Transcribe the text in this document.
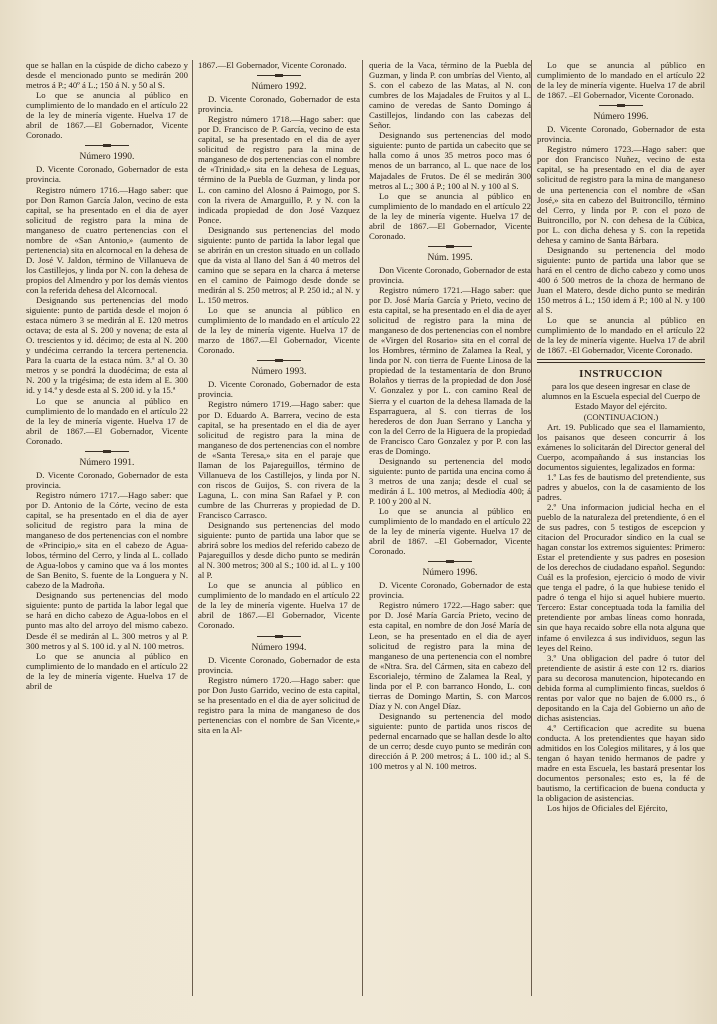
que se hallan en la cúspide de dicho cabezo y desde el mencionado punto se medirán 200 metros á P.; 40º á L.; 150 á N. y 50 al S.
Lo que se anuncia al público en cumplimiento de lo mandado en el artículo 22 de la ley de minería vigente. Huelva 17 de abril de 1867.—El Gobernador, Vicente Coronado.
Número 1990.
D. Vicente Coronado, Gobernador de esta provincia.
Registro número 1716.—Hago saber: que por Don Ramon García Jalon, vecino de esta capital, se ha presentado en el dia de ayer solicitud de registro para la mina de manganeso de cuatro pertenencias con el nombre de «San Antonio,» (aumento de pertenencia) sita en alcornocal en la dehesa de D. José V. Jaldon, término de Villanueva de los Castillejos, y linda por N. con la dehesa de propios del Almendro y por los demás vientos con la referida dehesa del Alcornocal.
Designando sus pertenencias del modo siguiente: punto de partida desde el mojon ó estaca número 3 se medirán al E. 120 metros octava; de esta al S. 200 y novena; de esta al O. trescientos y id. décimo; de esta al N. 200 y undécima cerrando la tercera pertenencia. Para la cuarta de la estaca núm. 3.ª al O. 30 metros y se pondrá la duodécima; de esta al N. 200 y la trigésima; de esta idem al E. 300 id. y 14.ª y desde esta al S. 200 id. y la 15.ª
Lo que se anuncia al público en cumplimiento de lo mandado en el artículo 22 de la ley de minería vigente. Huelva 17 de abril de 1867.—El Gobernador, Vicente Coronado.
Número 1991.
D. Vicente Coronado, Gobernador de esta provincia.
Registro número 1717.—Hago saber: que por D. Antonio de la Córte, vecino de esta capital, se ha presentado en el dia de ayer solicitud de registro para la mina de manganeso de dos pertenencias con el nombre de «Principio,» sita en el cabezo de Agua-lobos, término del Cerro, y linda al L. collado de Agua-lobos y camino que va á los montes de San Benito, S. fuente de la Longuera y N. cabezo de la Madroña.
Designando sus pertenencias del modo siguiente: punto de partida la labor legal que se hará en dicho cabezo de Agua-lobos en el punto mas alto del arroyo del mismo cabezo. Desde él se medirán al L. 300 metros y al P. 300 metros y al S. 100 id. y al N. 100 metros.
Lo que se anuncia al público en cumplimiento de lo mandado en el artículo 22 de la ley de minería vigente. Huelva 17 de abril de
1867.—El Gobernador, Vicente Coronado.
Número 1992.
D. Vicente Coronado, Gobernador de esta provincia.
Registro número 1718.—Hago saber: que por D. Francisco de P. García, vecino de esta capital, se ha presentado en el dia de ayer solicitud de registro para la mina de manganeso de dos pertenencias con el nombre de «Trinidad,» sita en la dehesa de Leguas, término de la Puebla de Guzman, y linda por L. con camino del Alosno á Paimogo, por S. con la rivera de Amarguillo, P. y N. con la indicada propiedad de don José Vazquez Ponce.
Designando sus pertenencias del modo siguiente: punto de partida la labor legal que se abrirán en un creston situado en un collado que da vista al llano del San á 40 metros del camino que se separa en la charca á meterse en el camino de Paimogo desde donde se medirán al S. 250 metros; al P. 250 id.; al N. y L. 150 metros.
Lo que se anuncia al público en cumplimiento de lo mandado en el artículo 22 de la ley de minería vigente. Huelva 17 de marzo de 1867.—El Gobernador, Vicente Coronado.
Número 1993.
D. Vicente Coronado, Gobernador de esta provincia.
Registro número 1719.—Hago saber: que por D. Eduardo A. Barrera, vecino de esta capital, se ha presentado en el dia de ayer solicitud de registro para la mina de manganeso de dos pertenencias con el nombre de «Santa Teresa,» sita en el paraje que llaman de los Pajareguillos, término de Villanueva de los Castillejos, y linda por N. con riscos de Guijos, S. con rivera de la Laguna, L. con mina San Rafael y P. con cumbre de las Churreras y propiedad de D. Francisco Carrasco.
Designando sus pertenencias del modo siguiente: punto de partida una labor que se abrirá sobre los medios del referido cabezo de Pajareguillos y desde dicho punto se medirán al N. 300 metros; 300 al S.; 100 id. al L. y 100 al P.
Lo que se anuncia al público en cumplimiento de lo mandado en el artículo 22 de la ley de minería vigente. Huelva 17 de abril de 1867.—El Gobernador, Vicente Coronado.
Número 1994.
D. Vicente Coronado, Gobernador de esta provincia.
Registro número 1720.—Hago saber: que por Don Justo Garrido, vecino de esta capital, se ha presentado en el dia de ayer solicitud de registro para la mina de manganeso de dos pertenencias con el nombre de San Vicente,» sita en la Al-
queria de la Vaca, término de la Puebla de Guzman, y linda P. con umbrías del Viento, al S. con el cabezo de las Matas, al N. con cumbres de los Majadales de Fruitos y al L. camino de veredas de Santo Domingo á Castillejos, lindando con las cabezas del Señor.
Designando sus pertenencias del modo siguiente: punto de partida un cabecito que se halla como á unos 35 metros poco mas ó menos de un barranco, al L. que nace de los Majadales de Frutos. De él se medirán 300 metros al L.; 300 á P.; 100 al N. y 100 al S.
Lo que se anuncia al público en cumplimiento de lo mandado en el artículo 22 de la ley de minería vigente. Huelva 17 de abril de 1867.—El Gobernador, Vicente Coronado.
Núm. 1995.
Don Vicente Coronado, Gobernador de esta provincia.
Registro número 1721.—Hago saber: que por D. José María García y Prieto, vecino de esta capital, se ha presentado en el dia de ayer solicitud de registro para la mina de manganeso de dos pertenencias con el nombre de «Virgen del Rosario» sita en el corral de los Hombres, término de Zalamea la Real, y linda por N. con tierra de Fuente Linosa de la propiedad de la testamentaría de don Bruno Bolaños y tierras de la propiedad de don José V. Gonzalez y por L. con camino Real de Sierra y el cuarton de la dehesa llamada de la Esparraguera, al S. con tierras de los herederos de don Juan Serrano y Lancha y con la del Cerro de la Higuera de la propiedad de Francisco Caro Gonzalez y por P. con las eras de Domingo.
Designando su pertenencia del modo siguiente: punto de partida una encina como á 3 metros de una zanja; desde el cual se medirán á L. 100 metros, al Mediodía 400; á P. 100 y 200 al N.
Lo que se anuncia al público en cumplimiento de lo mandado en el artículo 22 de la ley de minería vigente. Huelva 17 de abril de 1867. –El Gobernador, Vicente Coronado.
Número 1996.
D. Vicente Coronado, Gobernador de esta provincia.
Registro número 1722.—Hago saber: que por D. José María García Prieto, vecino de esta capital, en nombre de don José María de Leon, se ha presentado en el dia de ayer solicitud de registro para la mina de manganeso de una pertenencia con el nombre de «Ntra. Sra. del Cármen, sita en cabezo del Escorialejo, término de Zalamea la Real, y linda por el P. con barranco Hondo, L. con tierras de Domingo Martin, S. con Marcos Díaz y N. con Angel Díaz.
Designando su pertenencia del modo siguiente: punto de partida unos riscos de pedernal encarnado que se hallan desde lo alto de un cerro; desde cuyo punto se medirán con dirección á P. 200 metros; á L. 100 id.; al S. 100 metros y al N. 100 metros.
Lo que se anuncia al público en cumplimiento de lo mandado en el artículo 22 de la ley de minería vigente. Huelva 17 de abril de 1867. –El Gobernador, Vicente Coronado.
Número 1996.
D. Vicente Coronado, Gobernador de esta provincia.
Registro número 1723.—Hago saber: que por don Francisco Nuñez, vecino de esta capital, se ha presentado en el dia de ayer solicitud de registro para la mina de manganeso de una pertenencia con el nombre de «San José,» sita en cabezo del Buitroncillo, término del Cerro, y linda por P. con el pozo de Buitroncillo, por N. con dehesa de la Cúbica, por L. con dicha dehesa y S. con la repetida dehesa y camino de Santa Bárbara.
Designando su pertenencia del modo siguiente: punto de partida una labor que se hará en el centro de dicho cabezo y como unos 400 ó 500 metros de la choza de hermano de Juan el Matero, desde dicho punto se medirán 150 metros á L.; 150 idem á P.; 100 al N. y 100 al S.
Lo que se anuncia al público en cumplimiento de lo mandado en el artículo 22 de la ley de minería vigente. Huelva 17 de abril de 1867. -El Gobernador, Vicente Coronado.
INSTRUCCION
para los que deseen ingresar en clase de alumnos en la Escuela especial del Cuerpo de Estado Mayor del ejército.
(CONTINUACION.)
Art. 19. Publicado que sea el llamamiento, los paisanos que deseen concurrir á los exámenes lo solicitarán del Director general del Cuerpo, acompañando á sus instancias los documentos siguientes, legalizados en forma:
1.º Las fes de bautismo del pretendiente, sus padres y abuelos, con la de casamiento de los padres.
2.º Una informacion judicial hecha en el pueblo de la naturaleza del pretendiente, ó en el de sus padres, con 5 testigos de escepcion y citacion del Procurador síndico en la cual se hagan constar los extremos siguientes: Primero: Estar el pretendiente y sus padres en posesion de los derechos de ciudadano español. Segundo: Cuál es la profesion, ejercicio ó modo de vivir que tenga el padre, ó la que hubiese tenido el padre ó tenga el hijo si aquel hubiere muerto. Tercero: Estar conceptuada toda la familia del pretendiente por ambas líneas como honrada, sin que haya recaido sobre ella nota alguna que infame ó envilezca á sus individuos, segun las leyes del Reino.
3.º Una obligacion del padre ó tutor del pretendiente de asistir á este con 12 rs. diarios para su decorosa manutencion, hipotecando en debida forma al cumplimiento fincas, sueldos ó rentas por valor que no bajen de 6.000 rs., ó depositando en la Caja del Gobierno un año de dichas asistencias.
4.º Certificacion que acredite su buena conducta. A los pretendientes que hayan sido admitidos en los Colegios militares, y á los que tengan ó hayan tenido hermanos de padre y madre en esta Escuela, les bastará presentar los documentos personales; esto es, la fé de bautismo, la certificacion de buena conducta y la obligacion de asistencias.
Los hijos de Oficiales del Ejército,
